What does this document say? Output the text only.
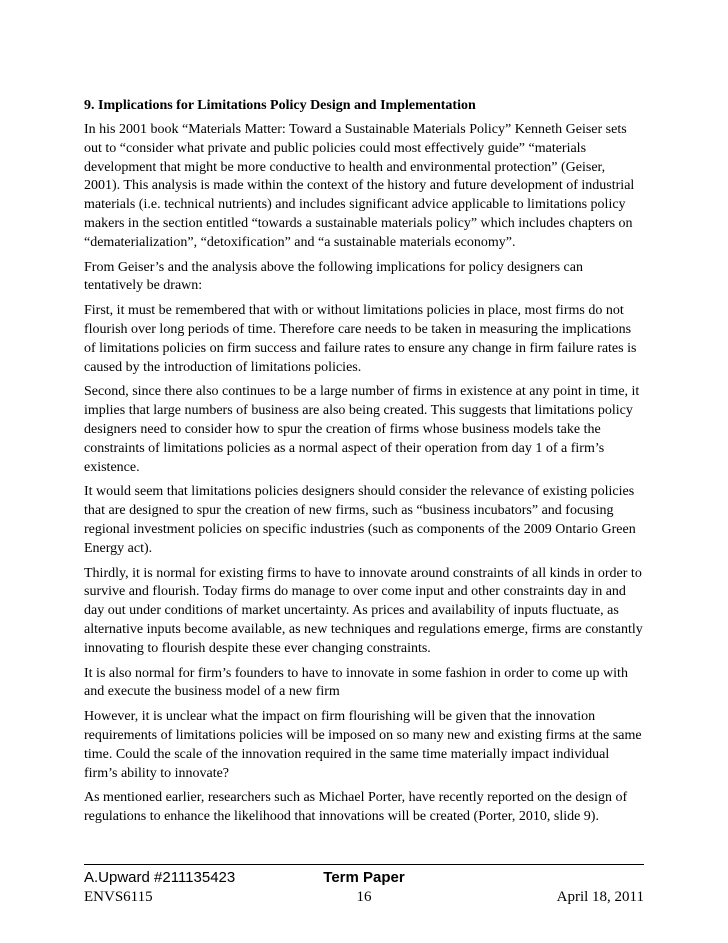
9. Implications for Limitations Policy Design and Implementation

In his 2001 book “Materials Matter: Toward a Sustainable Materials Policy” Kenneth Geiser sets out to “consider what private and public policies could most effectively guide” “materials development that might be more conductive to health and environmental protection” (Geiser, 2001). This analysis is made within the context of the history and future development of industrial materials (i.e. technical nutrients) and includes significant advice applicable to limitations policy makers in the section entitled “towards a sustainable materials policy” which includes chapters on “dematerialization”, “detoxification” and “a sustainable materials economy”.

From Geiser’s and the analysis above the following implications for policy designers can tentatively be drawn:

First, it must be remembered that with or without limitations policies in place, most firms do not flourish over long periods of time. Therefore care needs to be taken in measuring the implications of limitations policies on firm success and failure rates to ensure any change in firm failure rates is caused by the introduction of limitations policies.

Second, since there also continues to be a large number of firms in existence at any point in time, it implies that large numbers of business are also being created. This suggests that limitations policy designers need to consider how to spur the creation of firms whose business models take the constraints of limitations policies as a normal aspect of their operation from day 1 of a firm’s existence.

It would seem that limitations policies designers should consider the relevance of existing policies that are designed to spur the creation of new firms, such as “business incubators” and focusing regional investment policies on specific industries (such as components of the 2009 Ontario Green Energy act).

Thirdly, it is normal for existing firms to have to innovate around constraints of all kinds in order to survive and flourish. Today firms do manage to over come input and other constraints day in and day out under conditions of market uncertainty. As prices and availability of inputs fluctuate, as alternative inputs become available, as new techniques and regulations emerge, firms are constantly innovating to flourish despite these ever changing constraints.

It is also normal for firm’s founders to have to innovate in some fashion in order to come up with and execute the business model of a new firm

However, it is unclear what the impact on firm flourishing will be given that the innovation requirements of limitations policies will be imposed on so many new and existing firms at the same time. Could the scale of the innovation required in the same time materially impact individual firm’s ability to innovate?

As mentioned earlier, researchers such as Michael Porter, have recently reported on the design of regulations to enhance the likelihood that innovations will be created (Porter, 2010, slide 9).

A.Upward #211135423	Term Paper
ENVS6115	16	April 18, 2011
